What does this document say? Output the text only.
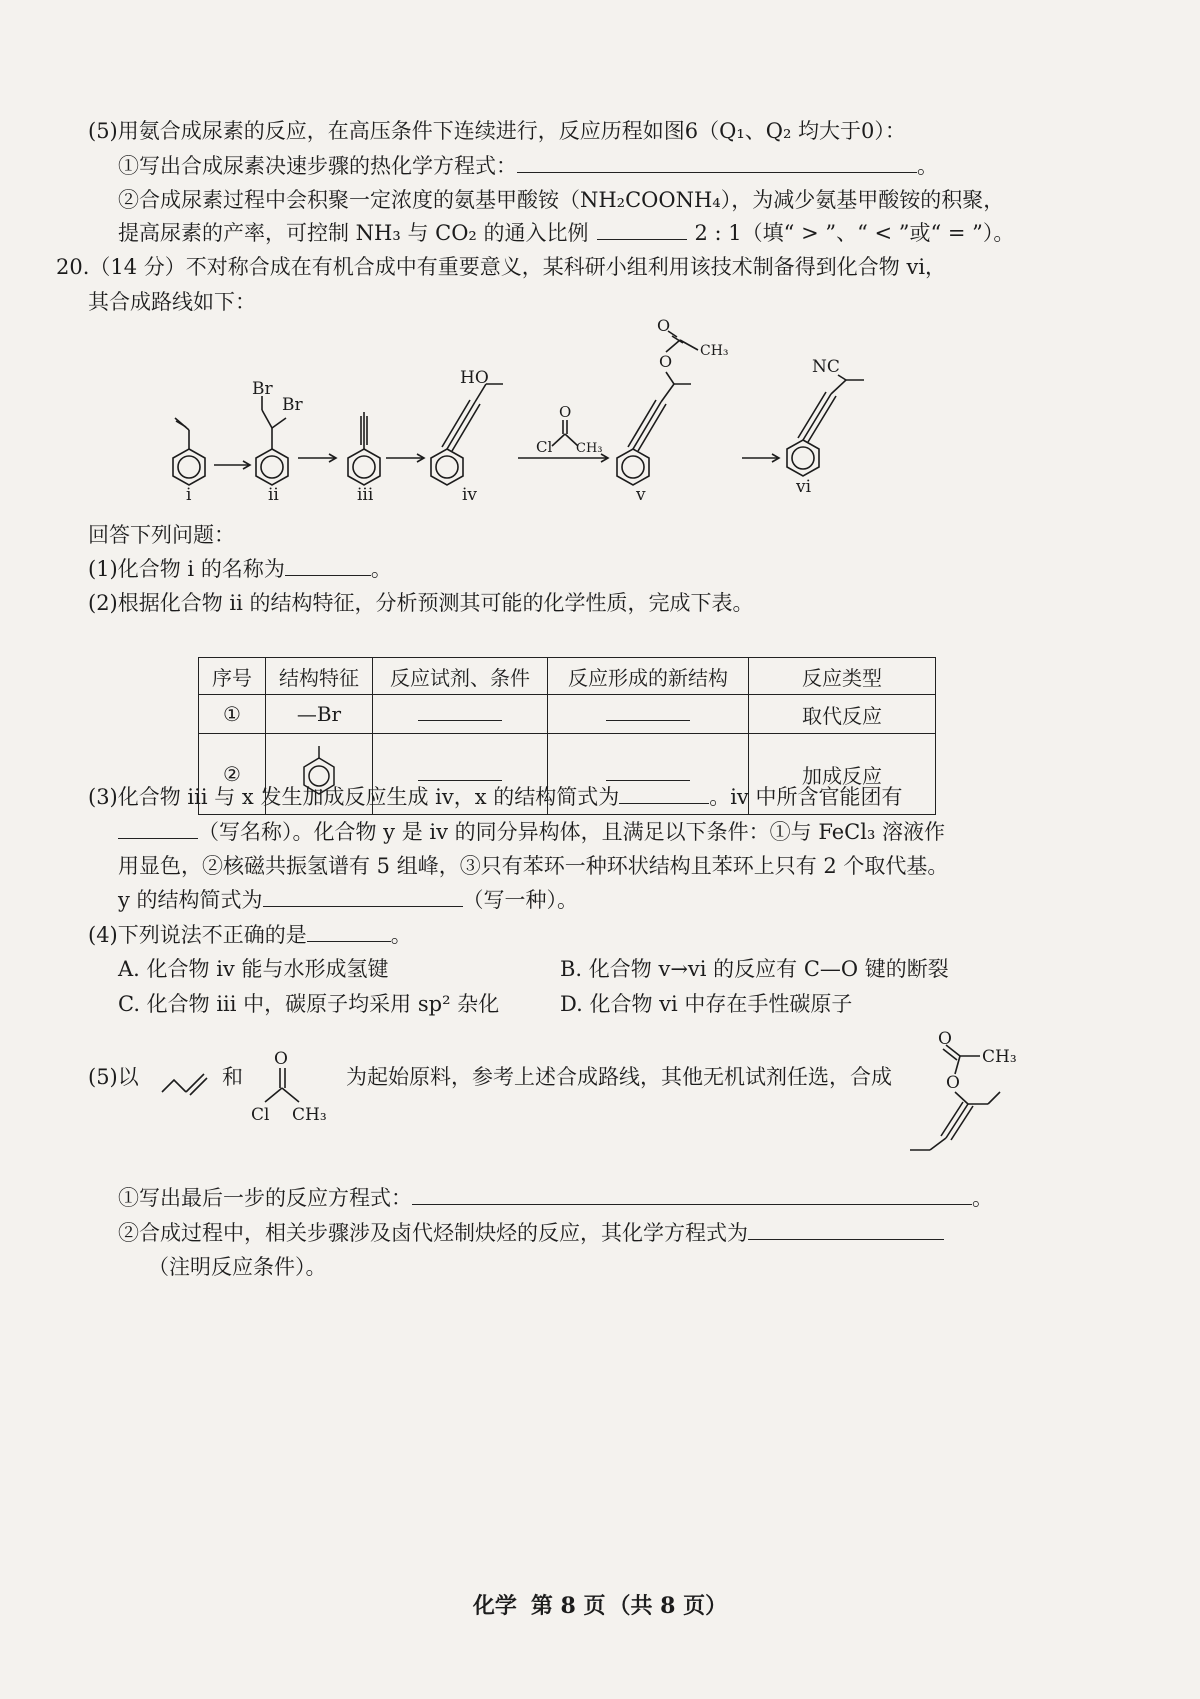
(5)用氨合成尿素的反应，在高压条件下连续进行，反应历程如图6（Q₁、Q₂ 均大于0）：
①写出合成尿素决速步骤的热化学方程式：	。
②合成尿素过程中会积聚一定浓度的氨基甲酸铵（NH₂COONH₄），为减少氨基甲酸铵的积聚，
提高尿素的产率，可控制 NH₃ 与 CO₂ 的通入比例	2 : 1（填“ > ”、“ < ”或“ = ”）。
20.（14 分）不对称合成在有机合成中有重要意义，某科研小组利用该技术制备得到化合物 vi，
其合成路线如下：
Br
Br
HO
O
Cl CH₃
O
O
CH₃
NC
i	ii	iii	iv	v	vi
回答下列问题：
(1)化合物 i 的名称为	。
(2)根据化合物 ii 的结构特征，分析预测其可能的化学性质，完成下表。
序号	结构特征	反应试剂、条件	反应形成的新结构	反应类型
①	—Br			取代反应
②				加成反应
(3)化合物 iii 与 x 发生加成反应生成 iv，x 的结构简式为	。iv 中所含官能团有
（写名称）。化合物 y 是 iv 的同分异构体，且满足以下条件：①与 FeCl₃ 溶液作
用显色，②核磁共振氢谱有 5 组峰，③只有苯环一种环状结构且苯环上只有 2 个取代基。
y 的结构简式为	（写一种）。
(4)下列说法不正确的是	。
A. 化合物 iv 能与水形成氢键	B. 化合物 v→vi 的反应有 C—O 键的断裂
C. 化合物 iii 中，碳原子均采用 sp² 杂化	D. 化合物 vi 中存在手性碳原子
(5)以	和	为起始原料，参考上述合成路线，其他无机试剂任选，合成
O
Cl CH₃
O
O
CH₃
①写出最后一步的反应方程式：	。
②合成过程中，相关步骤涉及卤代烃制炔烃的反应，其化学方程式为
（注明反应条件）。
化学 第 8 页 （共 8 页）
